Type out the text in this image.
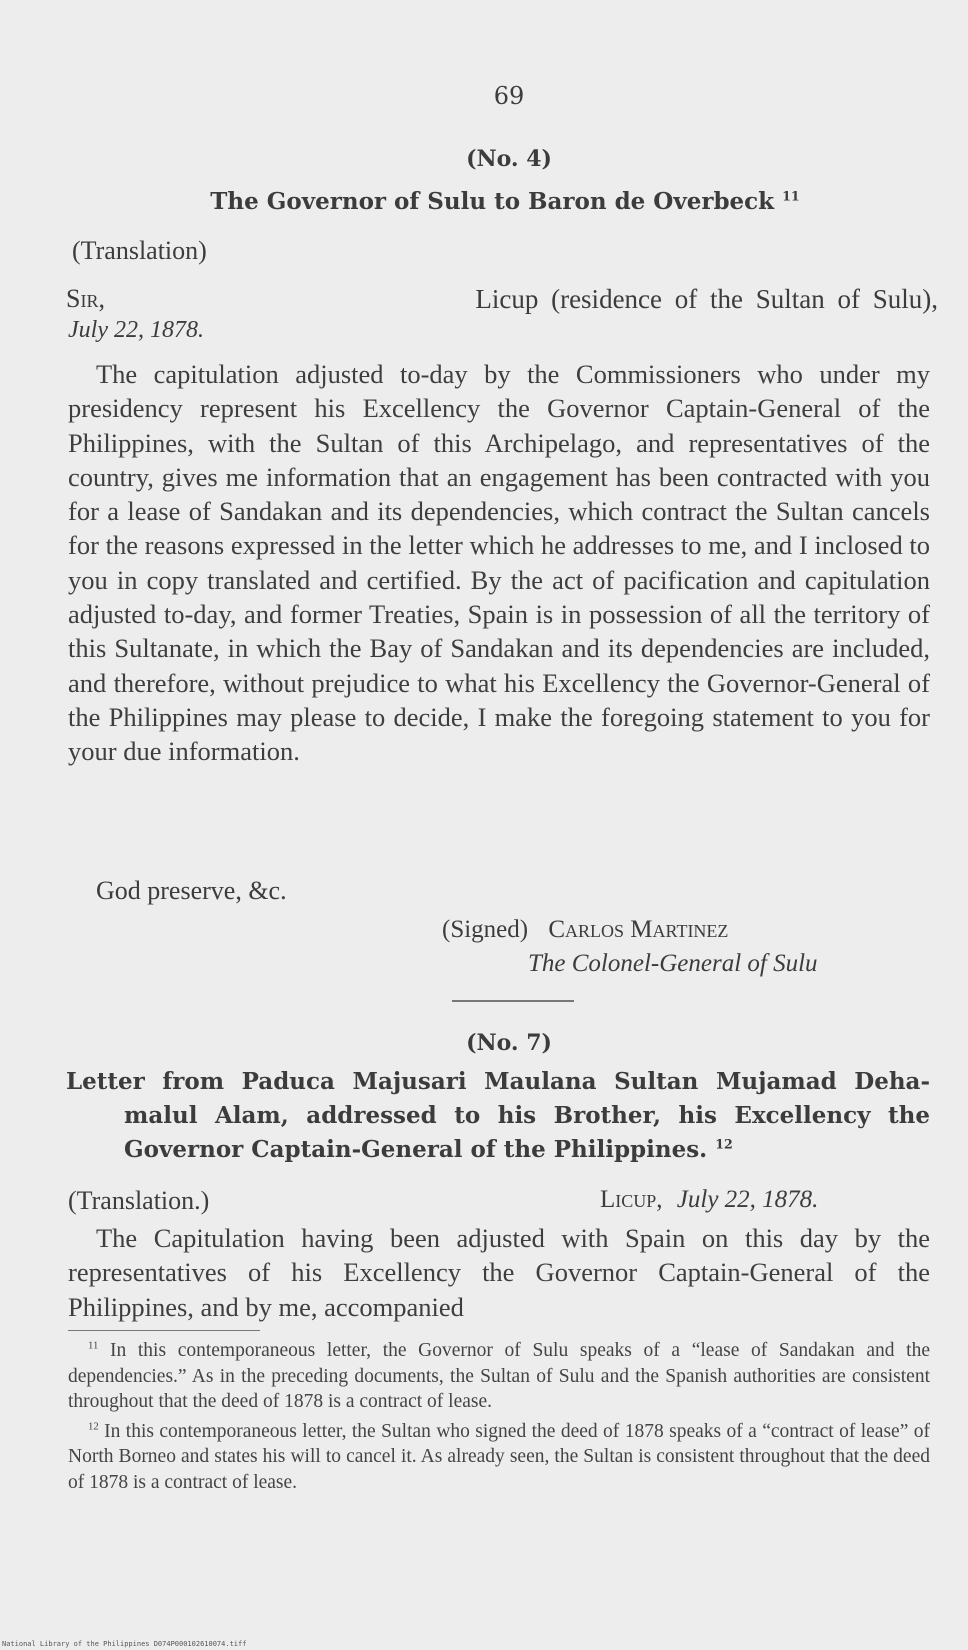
69
(No. 4)
The Governor of Sulu to Baron de Overbeck $^{11}$
(Translation)
Sir,	Licup (residence of the Sultan of Sulu),
July 22, 1878.

The capitulation adjusted to-day by the Commissioners who under my presidency represent his Excellency the Governor Captain-General of the Philippines, with the Sultan of this Archipelago, and representatives of the country, gives me information that an engagement has been contracted with you for a lease of Sandakan and its dependencies, which contract the Sultan cancels for the reasons expressed in the letter which he addresses to me, and I inclosed to you in copy translated and certified. By the act of pacification and capitulation adjusted to-day, and former Treaties, Spain is in possession of all the territory of this Sultanate, in which the Bay of Sandakan and its dependencies are included, and therefore, without prejudice to what his Excellency the Governor-General of the Philippines may please to decide, I make the foregoing statement to you for your due information.

God preserve, &c.
(Signed) Carlos Martinez
The Colonel-General of Sulu
(No. 7)
Letter from Paduca Majusari Maulana Sultan Mujamad Deha-
malul Alam, addressed to his Brother, his Excellency the
Governor Captain-General of the Philippines. $^{12}$
(Translation.)	Licup, July 22, 1878.

The Capitulation having been adjusted with Spain on this day by the representatives of his Excellency the Governor Captain-General of the Philippines, and by me, accompanied

$^{11}$ In this contemporaneous letter, the Governor of Sulu speaks of a “lease of Sandakan and the dependencies.” As in the preceding documents, the Sultan of Sulu and the Spanish authorities are consistent throughout that the deed of 1878 is a contract of lease.

$^{12}$ In this contemporaneous letter, the Sultan who signed the deed of 1878 speaks of a “contract of lease” of North Borneo and states his will to cancel it. As already seen, the Sultan is consistent throughout that the deed of 1878 is a contract of lease.

National Library of the Philippines D074P000102610074.tiff
